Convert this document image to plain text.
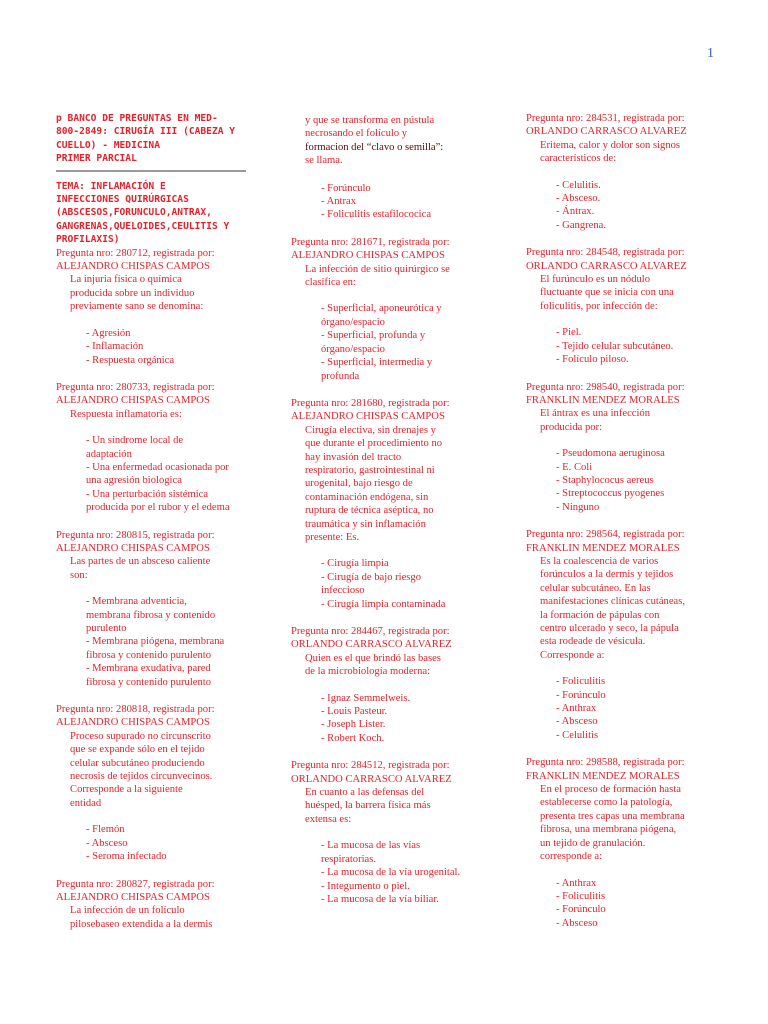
1
p BANCO DE PREGUNTAS EN MED-
800-2849: CIRUGÍA III (CABEZA Y
CUELLO) - MEDICINA
PRIMER PARCIAL
TEMA: INFLAMACIÓN E
INFECCIONES QUIRÚRGICAS
(ABSCESOS,FORUNCULO,ANTRAX,
GANGRENAS,QUELOIDES,CEULITIS Y
PROFILAXIS)
Pregunta nro: 280712, registrada por:
ALEJANDRO CHISPAS CAMPOS
La injuria física o química
producida sobre un individuo
previamente sano se denomina:
- Agresión
- Inflamación
- Respuesta orgánica
Pregunta nro: 280733, registrada por:
ALEJANDRO CHISPAS CAMPOS
Respuesta inflamatoria es:
- Un síndrome local de
adaptación
- Una enfermedad ocasionada por
una agresión biologica
- Una perturbación sistémica
producida por el rubor y el edema
Pregunta nro: 280815, registrada por:
ALEJANDRO CHISPAS CAMPOS
Las partes de un absceso caliente
son:
- Membrana adventicia,
membrana fibrosa y contenido
purulento
- Membrana piógena, membrana
fibrosa y contenido purulento
- Membrana exudativa, pared
fibrosa y contenido purulento
Pregunta nro: 280818, registrada por:
ALEJANDRO CHISPAS CAMPOS
Proceso supurado no circunscrito
que se expande sólo en el tejido
celular subcutáneo produciendo
necrosis de tejidos circunvecinos.
Corresponde a la siguiente
entidad
- Flemón
- Absceso
- Seroma infectado
Pregunta nro: 280827, registrada por:
ALEJANDRO CHISPAS CAMPOS
La infección de un folículo
pilosebaseo extendida a la dermis
y que se transforma en pústula
necrosando el folículo y
formacion del “clavo o semilla”:
se llama.
- Forúnculo
- Antrax
- Foliculitis estafilococica
Pregunta nro: 281671, registrada por:
ALEJANDRO CHISPAS CAMPOS
La infección de sitio quirúrgico se
clasifica en:
- Superficial, aponeurótica y
órgano/espacio
- Superficial, profunda y
órgano/espacio
- Superficial, intermedia y
profunda
Pregunta nro: 281680, registrada por:
ALEJANDRO CHISPAS CAMPOS
Cirugía electiva, sin drenajes y
que durante el procedimiento no
hay invasión del tracto
respiratorio, gastrointestinal ni
urogenital, bajo riesgo de
contaminación endógena, sin
ruptura de técnica aséptica, no
traumática y sin inflamación
presente: Es.
- Cirugía limpia
- Cirugía de bajo riesgo
infeccioso
- Cirugía limpia contaminada
Pregunta nro: 284467, registrada por:
ORLANDO CARRASCO ALVAREZ
Quien es el que brindó las bases
de la microbiología moderna:
- Ignaz Semmelweis.
- Louis Pasteur.
- Joseph Lister.
- Robert Koch.
Pregunta nro: 284512, registrada por:
ORLANDO CARRASCO ALVAREZ
En cuanto a las defensas del
huésped, la barrera física más
extensa es:
- La mucosa de las vías
respiratorias.
- La mucosa de la vía urogenital.
- Integumento o piel.
- La mucosa de la vía biliar.
Pregunta nro: 284531, registrada por:
ORLANDO CARRASCO ALVAREZ
Eritema, calor y dolor son signos
característicos de:
- Celulitis.
- Absceso.
- Ántrax.
- Gangrena.
Pregunta nro: 284548, registrada por:
ORLANDO CARRASCO ALVAREZ
El furúnculo es un nódulo
fluctuante que se inicia con una
foliculitis, por infección de:
- Piel.
- Tejido celular subcutáneo.
- Folículo piloso.
Pregunta nro: 298540, registrada por:
FRANKLIN MENDEZ MORALES
El ántrax es una infección
producida por:
- Pseudomona aeruginosa
- E. Coli
- Staphylococus aereus
- Streptococcus pyogenes
- Ninguno
Pregunta nro: 298564, registrada por:
FRANKLIN MENDEZ MORALES
Es la coalescencia de varios
forúnculos a la dermis y tejidos
celular subcutáneo. En las
manifestaciones clínicas cutáneas,
la formación de pápulas con
centro ulcerado y seco, la pápula
esta rodeade de vésicula.
Corresponde a:
- Foliculitis
- Forúnculo
- Anthrax
- Absceso
- Celulitis
Pregunta nro: 298588, registrada por:
FRANKLIN MENDEZ MORALES
En el proceso de formación hasta
establecerse como la patología,
presenta tres capas una membrana
fibrosa, una membrana piógena,
un tejido de granulación.
corresponde a:
- Anthrax
- Foliculitis
- Forúnculo
- Absceso
